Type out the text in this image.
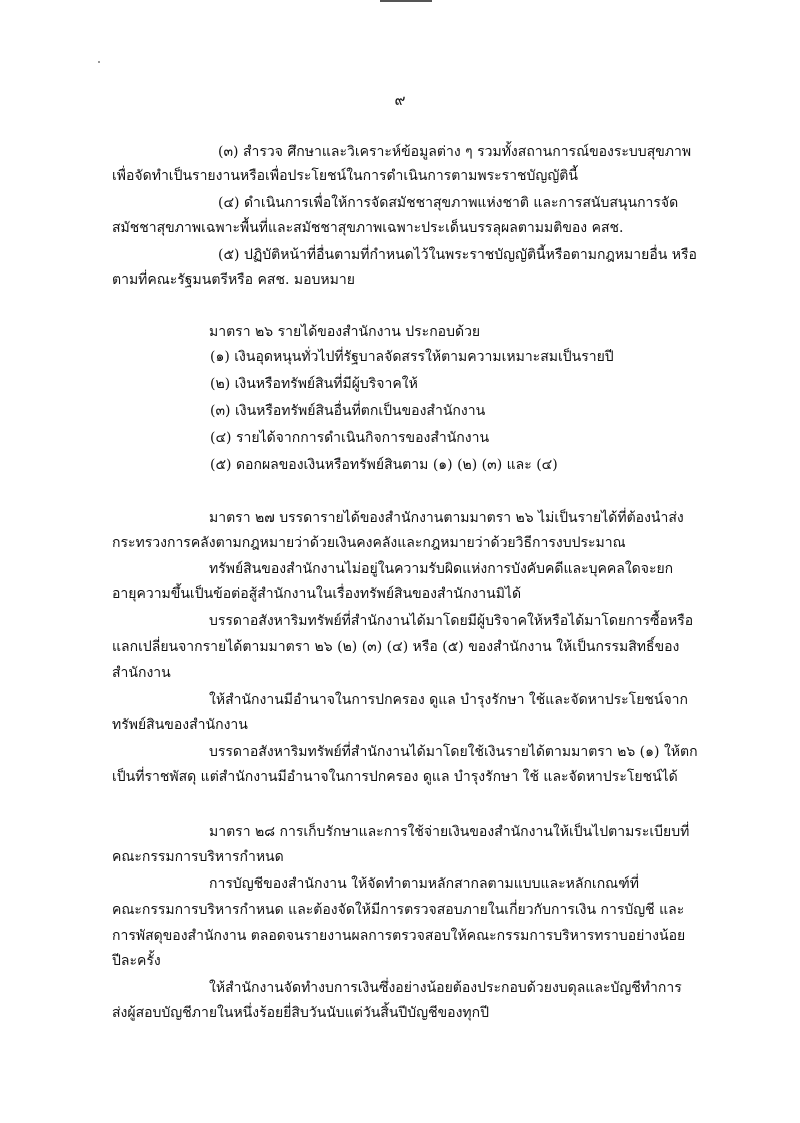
๙

(๓) สำรวจ ศึกษาและวิเคราะห์ข้อมูลต่าง ๆ รวมทั้งสถานการณ์ของระบบสุขภาพ

เพื่อจัดทำเป็นรายงานหรือเพื่อประโยชน์ในการดำเนินการตามพระราชบัญญัตินี้

(๔) ดำเนินการเพื่อให้การจัดสมัชชาสุขภาพแห่งชาติ และการสนับสนุนการจัด

สมัชชาสุขภาพเฉพาะพื้นที่และสมัชชาสุขภาพเฉพาะประเด็นบรรลุผลตามมติของ คสช.

(๕) ปฏิบัติหน้าที่อื่นตามที่กำหนดไว้ในพระราชบัญญัตินี้หรือตามกฎหมายอื่น หรือ

ตามที่คณะรัฐมนตรีหรือ คสช. มอบหมาย

มาตรา ๒๖ รายได้ของสำนักงาน ประกอบด้วย

(๑) เงินอุดหนุนทั่วไปที่รัฐบาลจัดสรรให้ตามความเหมาะสมเป็นรายปี

(๒) เงินหรือทรัพย์สินที่มีผู้บริจาคให้

(๓) เงินหรือทรัพย์สินอื่นที่ตกเป็นของสำนักงาน

(๔) รายได้จากการดำเนินกิจการของสำนักงาน

(๕) ดอกผลของเงินหรือทรัพย์สินตาม (๑) (๒) (๓) และ (๔)

มาตรา ๒๗ บรรดารายได้ของสำนักงานตามมาตรา ๒๖ ไม่เป็นรายได้ที่ต้องนำส่ง

กระทรวงการคลังตามกฎหมายว่าด้วยเงินคงคลังและกฎหมายว่าด้วยวิธีการงบประมาณ

ทรัพย์สินของสำนักงานไม่อยู่ในความรับผิดแห่งการบังคับคดีและบุคคลใดจะยก

อายุความขึ้นเป็นข้อต่อสู้สำนักงานในเรื่องทรัพย์สินของสำนักงานมิได้

บรรดาอสังหาริมทรัพย์ที่สำนักงานได้มาโดยมีผู้บริจาคให้หรือได้มาโดยการซื้อหรือ

แลกเปลี่ยนจากรายได้ตามมาตรา ๒๖ (๒) (๓) (๔) หรือ (๕) ของสำนักงาน ให้เป็นกรรมสิทธิ์ของ

สำนักงาน

ให้สำนักงานมีอำนาจในการปกครอง ดูแล บำรุงรักษา ใช้และจัดหาประโยชน์จาก

ทรัพย์สินของสำนักงาน

บรรดาอสังหาริมทรัพย์ที่สำนักงานได้มาโดยใช้เงินรายได้ตามมาตรา ๒๖ (๑) ให้ตก

เป็นที่ราชพัสดุ แต่สำนักงานมีอำนาจในการปกครอง ดูแล บำรุงรักษา ใช้ และจัดหาประโยชน์ได้

มาตรา ๒๘ การเก็บรักษาและการใช้จ่ายเงินของสำนักงานให้เป็นไปตามระเบียบที่

คณะกรรมการบริหารกำหนด

การบัญชีของสำนักงาน ให้จัดทำตามหลักสากลตามแบบและหลักเกณฑ์ที่

คณะกรรมการบริหารกำหนด และต้องจัดให้มีการตรวจสอบภายในเกี่ยวกับการเงิน การบัญชี และ

การพัสดุของสำนักงาน ตลอดจนรายงานผลการตรวจสอบให้คณะกรรมการบริหารทราบอย่างน้อย

ปีละครั้ง

ให้สำนักงานจัดทำงบการเงินซึ่งอย่างน้อยต้องประกอบด้วยงบดุลและบัญชีทำการ

ส่งผู้สอบบัญชีภายในหนึ่งร้อยยี่สิบวันนับแต่วันสิ้นปีบัญชีของทุกปี
